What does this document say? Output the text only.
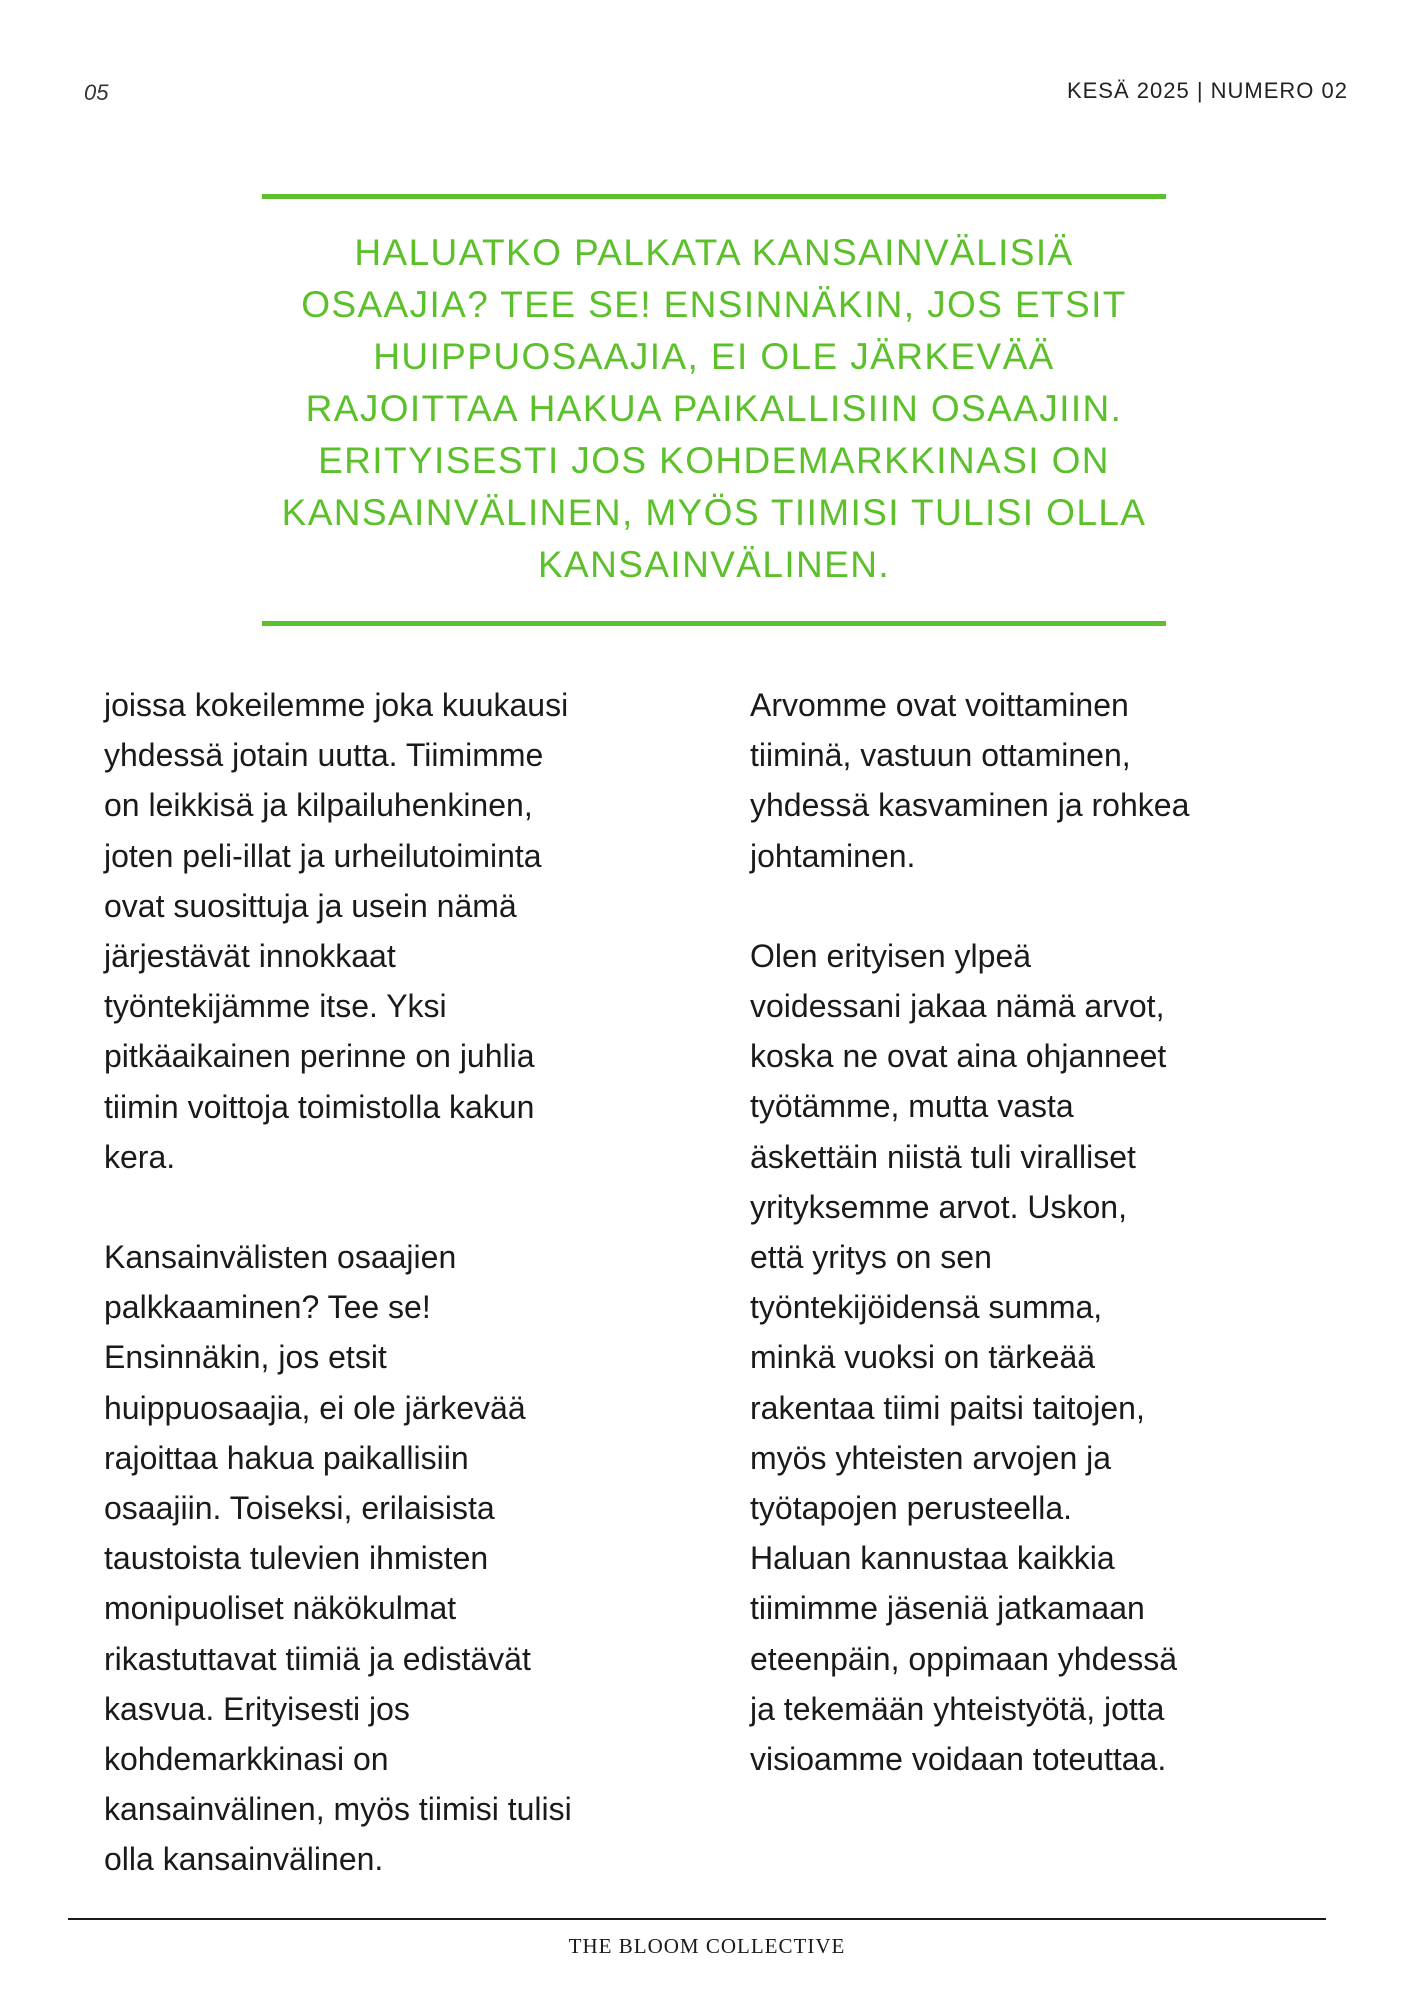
05	KESÄ 2025 | NUMERO 02
HALUATKO PALKATA KANSAINVÄLISIÄ
OSAAJIA? TEE SE! ENSINNÄKIN, JOS ETSIT
HUIPPUOSAAJIA, EI OLE JÄRKEVÄÄ
RAJOITTAA HAKUA PAIKALLISIIN OSAAJIIN.
ERITYISESTI JOS KOHDEMARKKINASI ON
KANSAINVÄLINEN, MYÖS TIIMISI TULISI OLLA
KANSAINVÄLINEN.

joissa kokeilemme joka kuukausi
yhdessä jotain uutta. Tiimimme
on leikkisä ja kilpailuhenkinen,
joten peli-illat ja urheilutoiminta
ovat suosittuja ja usein nämä
järjestävät innokkaat
työntekijämme itse. Yksi
pitkäaikainen perinne on juhlia
tiimin voittoja toimistolla kakun
kera.

Kansainvälisten osaajien
palkkaaminen? Tee se!
Ensinnäkin, jos etsit
huippuosaajia, ei ole järkevää
rajoittaa hakua paikallisiin
osaajiin. Toiseksi, erilaisista
taustoista tulevien ihmisten
monipuoliset näkökulmat
rikastuttavat tiimiä ja edistävät
kasvua. Erityisesti jos
kohdemarkkinasi on
kansainvälinen, myös tiimisi tulisi
olla kansainvälinen.

Arvomme ovat voittaminen
tiiminä, vastuun ottaminen,
yhdessä kasvaminen ja rohkea
johtaminen.

Olen erityisen ylpeä
voidessani jakaa nämä arvot,
koska ne ovat aina ohjanneet
työtämme, mutta vasta
äskettäin niistä tuli viralliset
yrityksemme arvot. Uskon,
että yritys on sen
työntekijöidensä summa,
minkä vuoksi on tärkeää
rakentaa tiimi paitsi taitojen,
myös yhteisten arvojen ja
työtapojen perusteella.
Haluan kannustaa kaikkia
tiimimme jäseniä jatkamaan
eteenpäin, oppimaan yhdessä
ja tekemään yhteistyötä, jotta
visioamme voidaan toteuttaa.

THE BLOOM COLLECTIVE
